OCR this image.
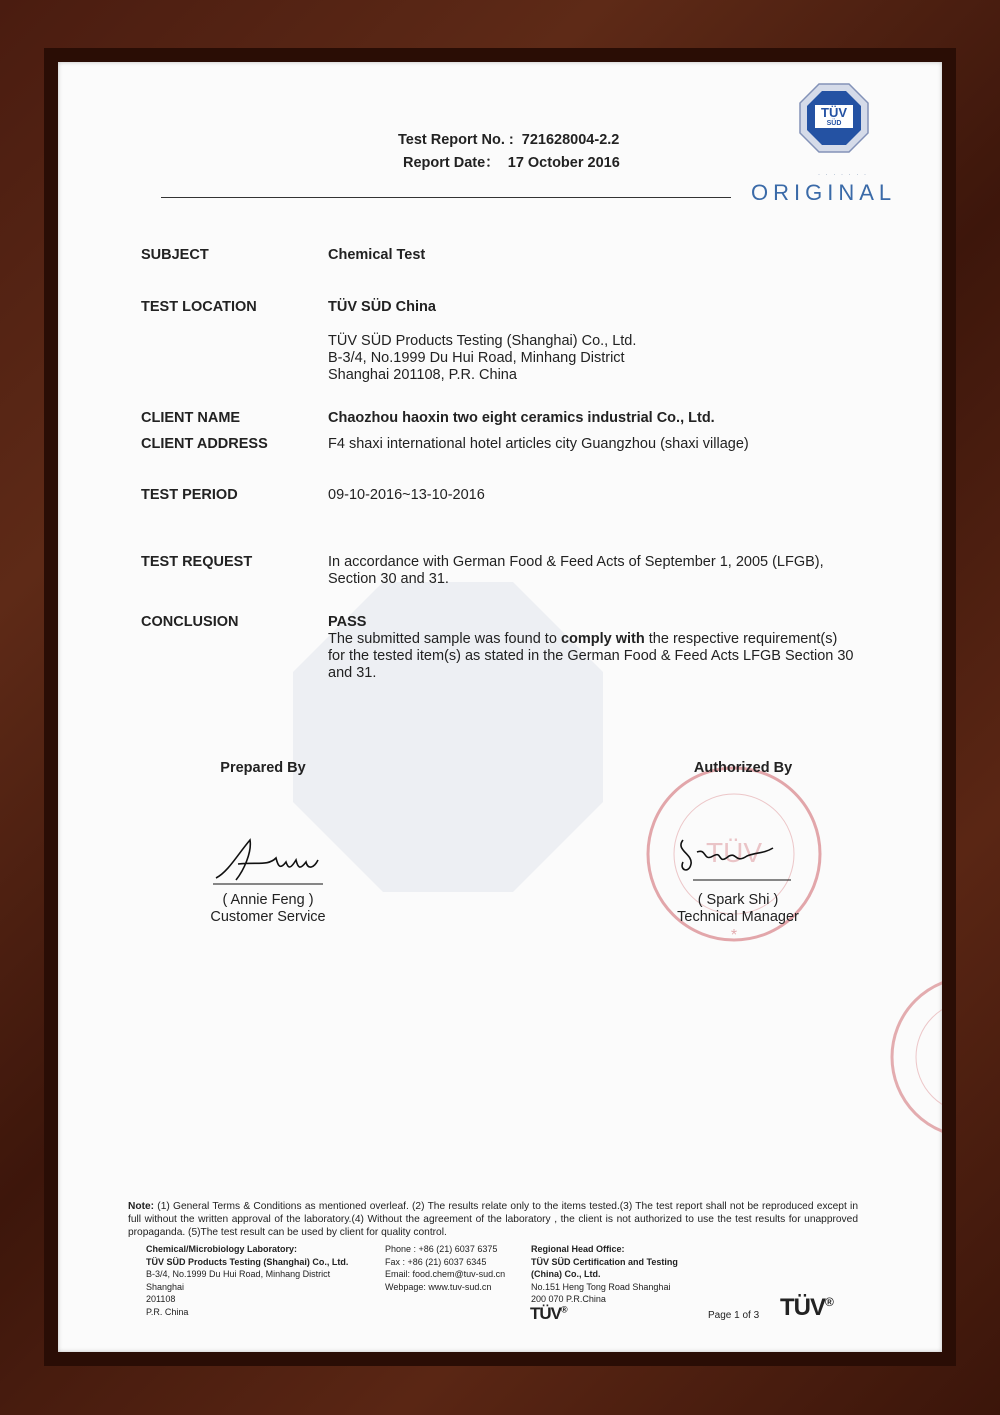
Test Report No. : 721628004-2.2
Report Date： 17 October 2016
TÜV
SÜD
· · · · · · ·
ORIGINAL
SUBJECT	Chemical Test
TEST LOCATION	TÜV SÜD China
TÜV SÜD Products Testing (Shanghai) Co., Ltd.
B-3/4, No.1999 Du Hui Road, Minhang District
Shanghai 201108, P.R. China
CLIENT NAME	Chaozhou haoxin two eight ceramics industrial Co., Ltd.
CLIENT ADDRESS	F4 shaxi international hotel articles city Guangzhou (shaxi village)
TEST PERIOD	09-10-2016~13-10-2016
TEST REQUEST	In accordance with German Food & Feed Acts of September 1, 2005 (LFGB),
Section 30 and 31.
CONCLUSION	PASS
The submitted sample was found to comply with the respective requirement(s)
for the tested item(s) as stated in the German Food & Feed Acts LFGB Section 30
and 31.
Prepared By
( Annie Feng )
Customer Service
TÜV
*
Authorized By
( Spark Shi )
Technical Manager
Note: (1) General Terms & Conditions as mentioned overleaf. (2) The results relate only to the items tested.(3) The test report shall not be reproduced except in full without the written approval of the laboratory.(4) Without the agreement of the laboratory , the client is not authorized to use the test results for unapproved propaganda. (5)The test result can be used by client for quality control.
Chemical/Microbiology Laboratory:
TÜV SÜD Products Testing (Shanghai) Co., Ltd.
B-3/4, No.1999 Du Hui Road, Minhang District
Shanghai
201108
P.R. China
Phone : +86 (21) 6037 6375
Fax : +86 (21) 6037 6345
Email: food.chem@tuv-sud.cn
Webpage: www.tuv-sud.cn
Regional Head Office:
TÜV SÜD Certification and Testing
(China) Co., Ltd.
No.151 Heng Tong Road Shanghai
200 070 P.R.China
TÜV®
Page 1 of 3 TÜV®
